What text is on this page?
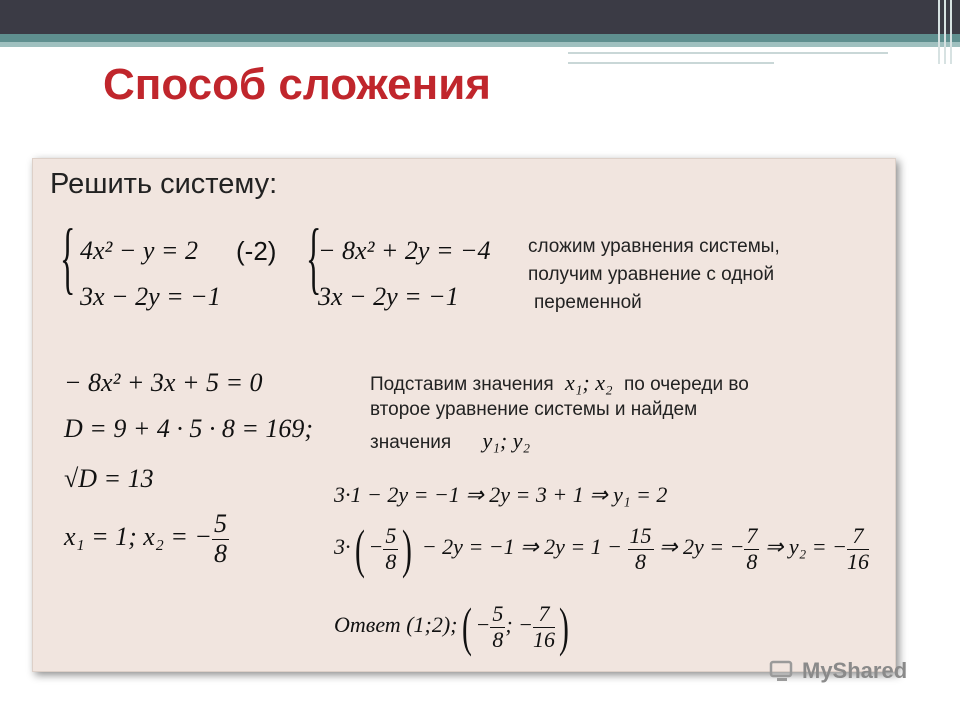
Способ сложения
Решить систему:
{ 4x² − y = 2
3x − 2y = −1
(-2) {
− 8x² + 2y = −4
3x − 2y = −1
сложим уравнения системы,
получим уравнение с одной
переменной
Подставим значения x₁; x₂ по очереди во
второе уравнение системы и найдем
значения y₁; y₂
− 8x² + 3x + 5 = 0
D = 9 + 4 · 5 · 8 = 169;
√D = 13
x₁ = 1; x₂ = − $\frac{5}{8}$
3·1 − 2y = −1 ⇒ 2y = 3 + 1 ⇒ y₁ = 2
$3\cdot( - \frac{5}{8}$ ) − 2y = −1 ⇒ $2y = 1 - \frac{15}{8}$ ⇒ 2y = − $\frac{7}{8}$ ⇒ y₂ = − $\frac{7}{16}$
Ответ (1;2);( − $\frac{5}{8}$ ; − $\frac{7}{16}$ )
MyShared
